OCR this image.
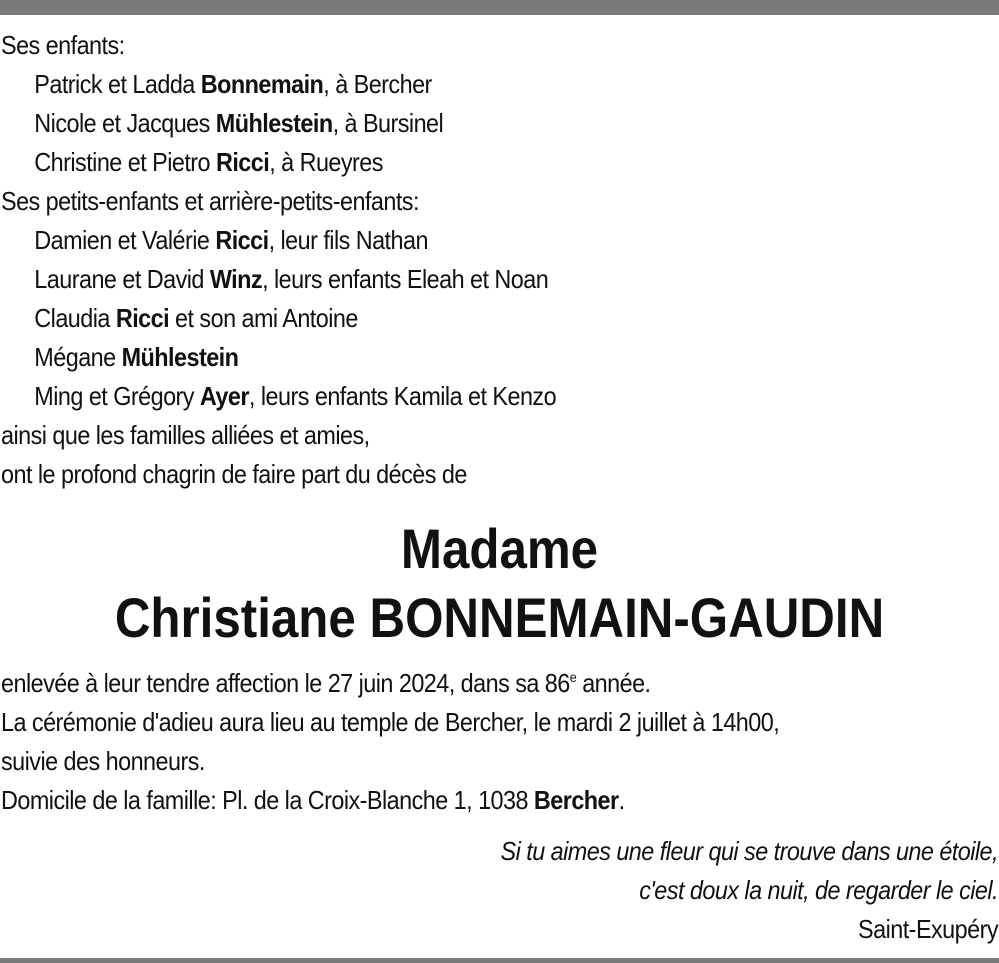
Ses enfants:
Patrick et Ladda Bonnemain, à Bercher
Nicole et Jacques Mühlestein, à Bursinel
Christine et Pietro Ricci, à Rueyres
Ses petits-enfants et arrière-petits-enfants:
Damien et Valérie Ricci, leur fils Nathan
Laurane et David Winz, leurs enfants Eleah et Noan
Claudia Ricci et son ami Antoine
Mégane Mühlestein
Ming et Grégory Ayer, leurs enfants Kamila et Kenzo
ainsi que les familles alliées et amies,
ont le profond chagrin de faire part du décès de
Madame
Christiane BONNEMAIN-GAUDIN
enlevée à leur tendre affection le 27 juin 2024, dans sa 86e année.
La cérémonie d'adieu aura lieu au temple de Bercher, le mardi 2 juillet à 14h00,
suivie des honneurs.
Domicile de la famille: Pl. de la Croix-Blanche 1, 1038 Bercher.
Si tu aimes une fleur qui se trouve dans une étoile,
c'est doux la nuit, de regarder le ciel.
Saint-Exupéry
